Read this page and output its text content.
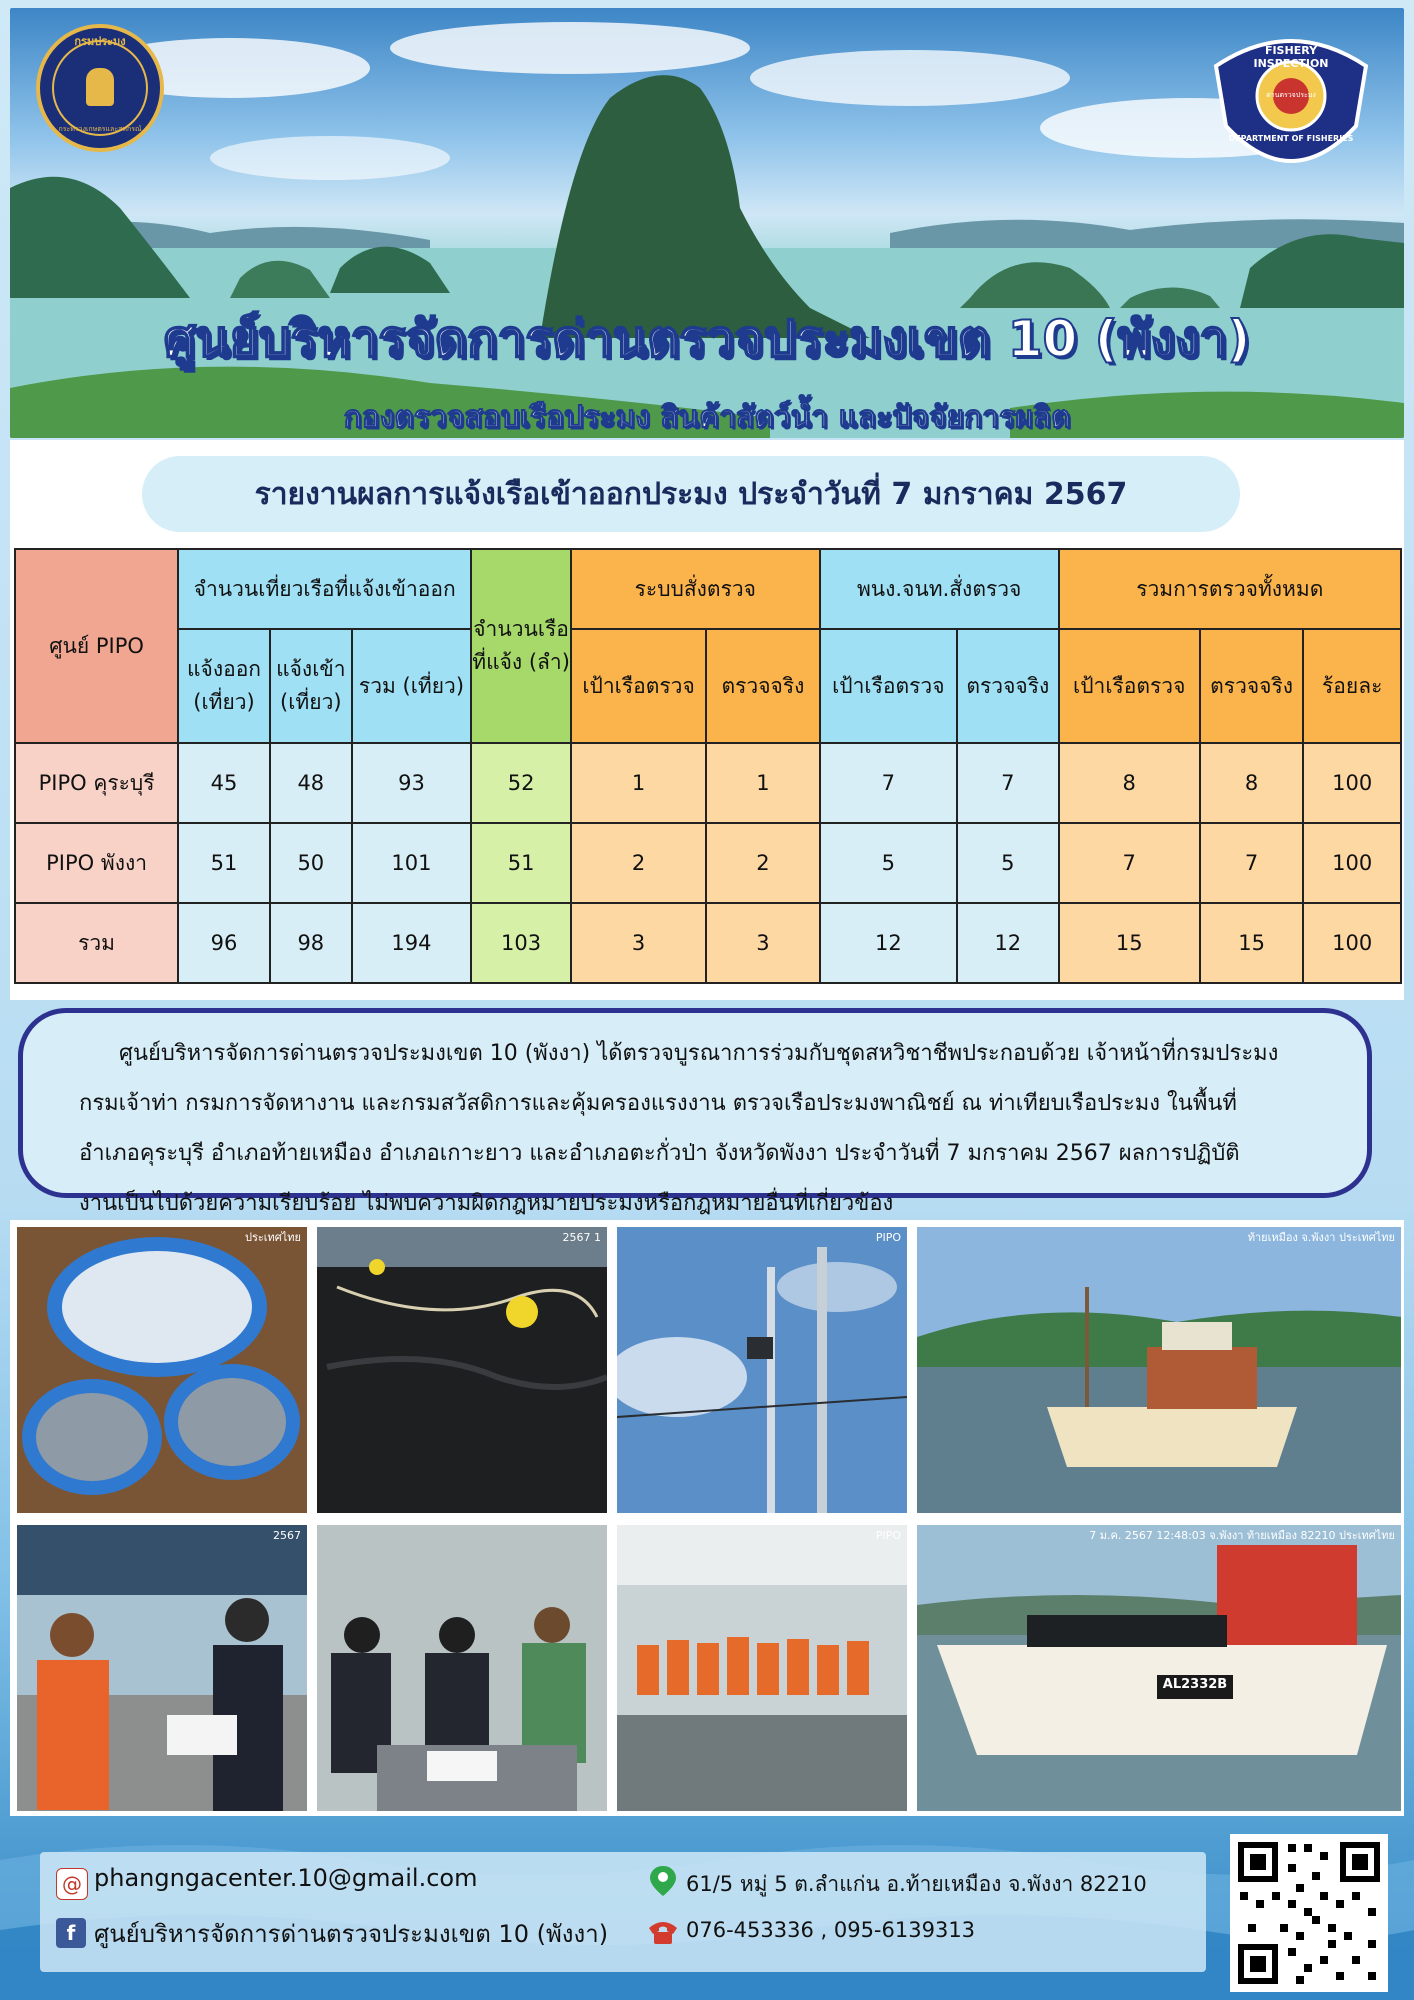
กรมประมง
กระทรวงเกษตรและสหกรณ์
FISHERY INSPECTION
DEPARTMENT OF FISHERIES
ด่านตรวจประมง
ศูนย์บริหารจัดการด่านตรวจประมงเขต 10 (พังงา)
กองตรวจสอบเรือประมง สินค้าสัตว์น้ำ และปัจจัยการผลิต
รายงานผลการแจ้งเรือเข้าออกประมง ประจำวันที่ 7 มกราคม 2567
ศูนย์ PIPO	จำนวนเที่ยวเรือที่แจ้งเข้าออก			จำนวนเรือที่แจ้ง (ลำ)	ระบบสั่งตรวจ		พนง.จนท.สั่งตรวจ		รวมการตรวจทั้งหมด		
	แจ้งออก (เที่ยว)	แจ้งเข้า (เที่ยว)	รวม (เที่ยว)		เป้าเรือตรวจ	ตรวจจริง	เป้าเรือตรวจ	ตรวจจริง	เป้าเรือตรวจ	ตรวจจริง	ร้อยละ
PIPO คุระบุรี	45	48	93	52	1	1	7	7	8	8	100
PIPO พังงา	51	50	101	51	2	2	5	5	7	7	100
รวม	96	98	194	103	3	3	12	12	15	15	100
ศูนย์บริหารจัดการด่านตรวจประมงเขต 10 (พังงา) ได้ตรวจบูรณาการร่วมกับชุดสหวิชาชีพประกอบด้วย เจ้าหน้าที่กรมประมง
กรมเจ้าท่า กรมการจัดหางาน และกรมสวัสดิการและคุ้มครองแรงงาน ตรวจเรือประมงพาณิชย์ ณ ท่าเทียบเรือประมง ในพื้นที่
อำเภอคุระบุรี อำเภอท้ายเหมือง อำเภอเกาะยาว และอำเภอตะกั่วป่า จังหวัดพังงา ประจำวันที่ 7 มกราคม 2567 ผลการปฏิบัติ
งานเป็นไปด้วยความเรียบร้อย ไม่พบความผิดกฎหมายประมงหรือกฎหมายอื่นที่เกี่ยวข้อง
ประเทศไทย	2567 1	PIPO	ท้ายเหมือง จ.พังงา ประเทศไทย
2567	PIPO
AL2332B
7 ม.ค. 2567 12:48:03 จ.พังงา ท้ายเหมือง 82210 ประเทศไทย
@ phangngacenter.10@gmail.com
f ศูนย์บริหารจัดการด่านตรวจประมงเขต 10 (พังงา)
61/5 หมู่ 5 ต.ลำแก่น อ.ท้ายเหมือง จ.พังงา 82210
076-453336 , 095-6139313
